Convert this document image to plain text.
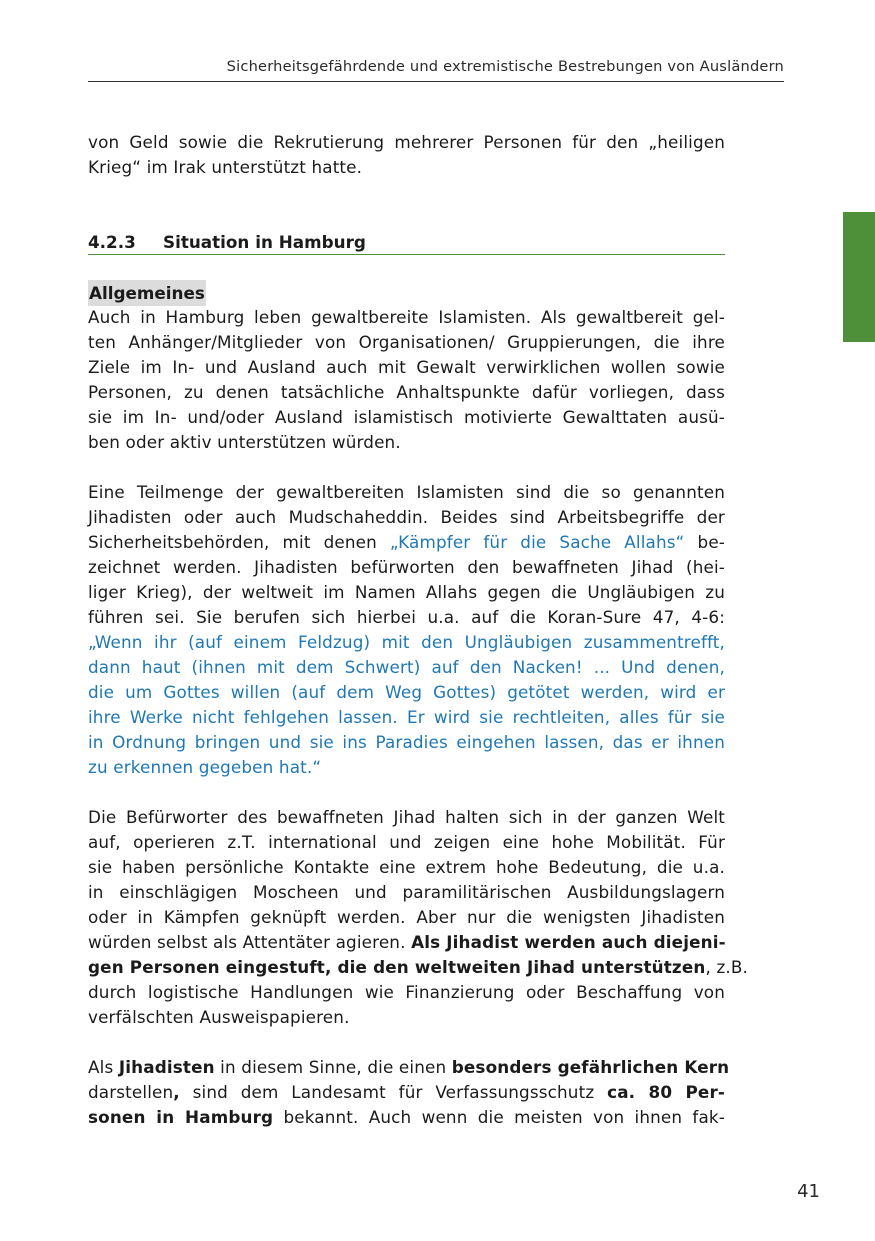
Sicherheitsgefährdende und extremistische Bestrebungen von Ausländern

von Geld sowie die Rekrutierung mehrerer Personen für den „heiligen
Krieg“ im Irak unterstützt hatte.

4.2.3 Situation in Hamburg
Allgemeines

Auch in Hamburg leben gewaltbereite Islamisten. Als gewaltbereit gel-
ten Anhänger/Mitglieder von Organisationen/ Gruppierungen, die ihre
Ziele im In- und Ausland auch mit Gewalt verwirklichen wollen sowie
Personen, zu denen tatsächliche Anhaltspunkte dafür vorliegen, dass
sie im In- und/oder Ausland islamistisch motivierte Gewalttaten ausü-
ben oder aktiv unterstützen würden.

Eine Teilmenge der gewaltbereiten Islamisten sind die so genannten
Jihadisten oder auch Mudschaheddin. Beides sind Arbeitsbegriffe der
Sicherheitsbehörden, mit denen „Kämpfer für die Sache Allahs“ be-
zeichnet werden. Jihadisten befürworten den bewaffneten Jihad (hei-
liger Krieg), der weltweit im Namen Allahs gegen die Ungläubigen zu
führen sei. Sie berufen sich hierbei u.a. auf die Koran-Sure 47, 4-6:
„Wenn ihr (auf einem Feldzug) mit den Ungläubigen zusammentrefft,
dann haut (ihnen mit dem Schwert) auf den Nacken! ... Und denen,
die um Gottes willen (auf dem Weg Gottes) getötet werden, wird er
ihre Werke nicht fehlgehen lassen. Er wird sie rechtleiten, alles für sie
in Ordnung bringen und sie ins Paradies eingehen lassen, das er ihnen
zu erkennen gegeben hat.“

Die Befürworter des bewaffneten Jihad halten sich in der ganzen Welt
auf, operieren z.T. international und zeigen eine hohe Mobilität. Für
sie haben persönliche Kontakte eine extrem hohe Bedeutung, die u.a.
in einschlägigen Moscheen und paramilitärischen Ausbildungslagern
oder in Kämpfen geknüpft werden. Aber nur die wenigsten Jihadisten
würden selbst als Attentäter agieren. Als Jihadist werden auch diejeni-
gen Personen eingestuft, die den weltweiten Jihad unterstützen, z.B.
durch logistische Handlungen wie Finanzierung oder Beschaffung von
verfälschten Ausweispapieren.

Als Jihadisten in diesem Sinne, die einen besonders gefährlichen Kern
darstellen, sind dem Landesamt für Verfassungsschutz ca. 80 Per-
sonen in Hamburg bekannt. Auch wenn die meisten von ihnen fak-

41
